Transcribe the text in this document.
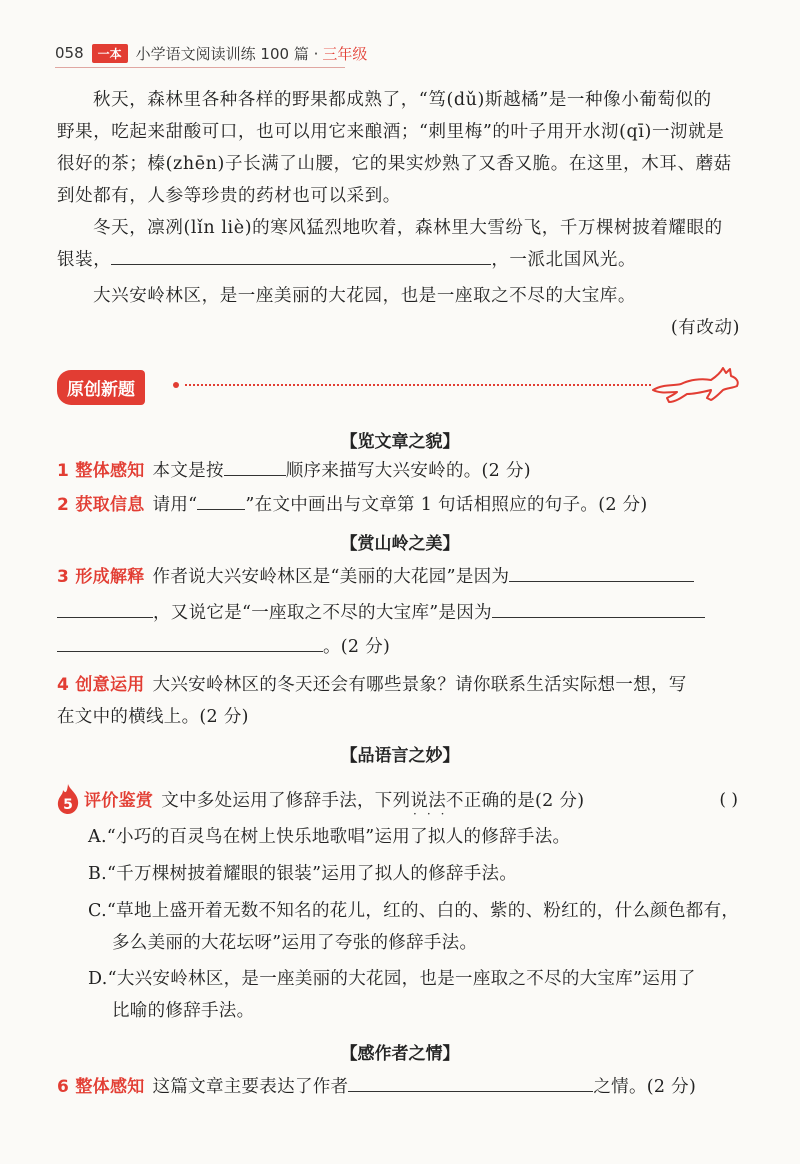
058	一本 小学语文阅读训练 100 篇 · 三年级

秋天，森林里各种各样的野果都成熟了，“笃(dǔ)斯越橘”是一种像小葡萄似的

野果，吃起来甜酸可口，也可以用它来酿酒；“刺里梅”的叶子用开水沏(qī)一沏就是

很好的茶；榛(zhēn)子长满了山腰，它的果实炒熟了又香又脆。在这里，木耳、蘑菇

到处都有，人参等珍贵的药材也可以采到。

冬天，凛冽(lǐn liè)的寒风猛烈地吹着，森林里大雪纷飞，千万棵树披着耀眼的

银装，	，一派北国风光。

大兴安岭林区，是一座美丽的大花园，也是一座取之不尽的大宝库。

(有改动)

原创新题
【览文章之貌】

1 整体感知 本文是按	顺序来描写大兴安岭的。(2 分)

2 获取信息 请用“	”在文中画出与文章第 1 句话相照应的句子。(2 分)

【赏山岭之美】

3 形成解释 作者说大兴安岭林区是“美丽的大花园”是因为

，又说它是“一座取之不尽的大宝库”是因为

。(2 分)

4 创意运用 大兴安岭林区的冬天还会有哪些景象？请你联系生活实际想一想，写

在文中的横线上。(2 分)

【品语言之妙】
5 评价鉴赏 文中多处运用了修辞手法，下列说法不正确的是(2 分)	( )
···

A.“小巧的百灵鸟在树上快乐地歌唱”运用了拟人的修辞手法。

B.“千万棵树披着耀眼的银装”运用了拟人的修辞手法。

C.“草地上盛开着无数不知名的花儿，红的、白的、紫的、粉红的，什么颜色都有，
多么美丽的大花坛呀”运用了夸张的修辞手法。

D.“大兴安岭林区，是一座美丽的大花园，也是一座取之不尽的大宝库”运用了
比喻的修辞手法。

【感作者之情】

6 整体感知 这篇文章主要表达了作者	之情。(2 分)
